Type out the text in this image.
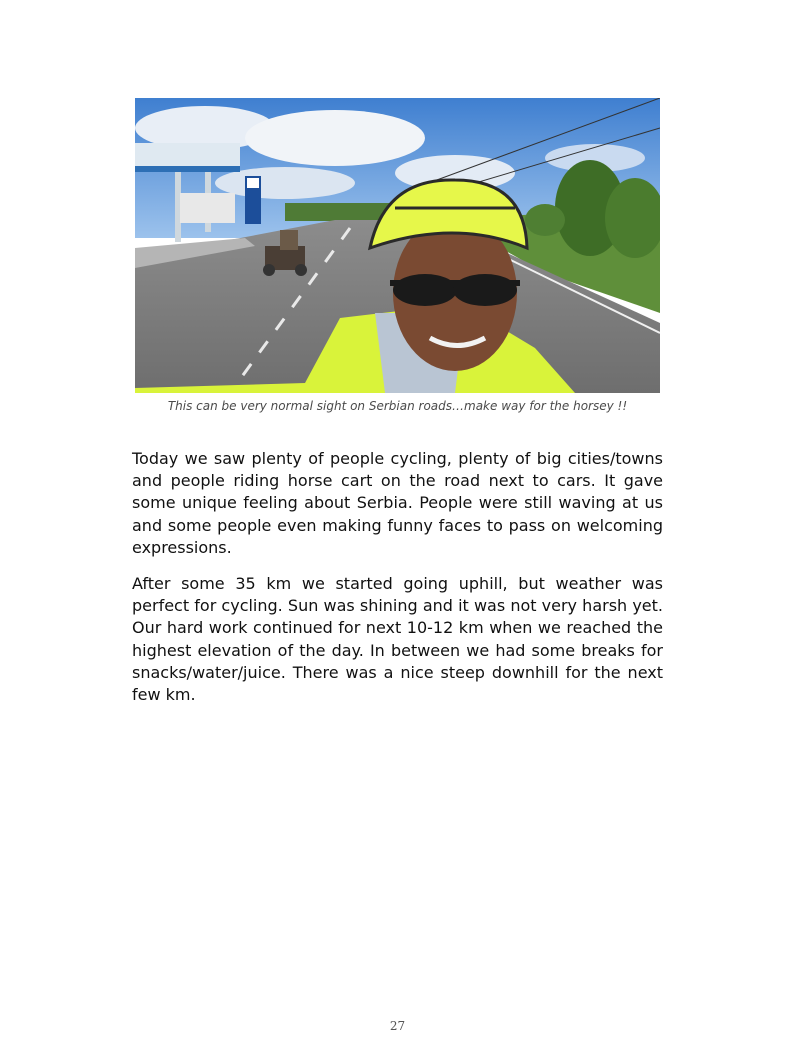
This can be very normal sight on Serbian roads…make way for the horsey !!

Today we saw plenty of people cycling, plenty of big cities/towns and people riding horse cart on the road next to cars. It gave some unique feeling about Serbia. People were still waving at us and some people even making funny faces to pass on welcoming expressions.

After some 35 km we started going uphill, but weather was perfect for cycling. Sun was shining and it was not very harsh yet. Our hard work continued for next 10-12 km when we reached the highest elevation of the day. In between we had some breaks for snacks/water/juice. There was a nice steep downhill for the next few km.

27
